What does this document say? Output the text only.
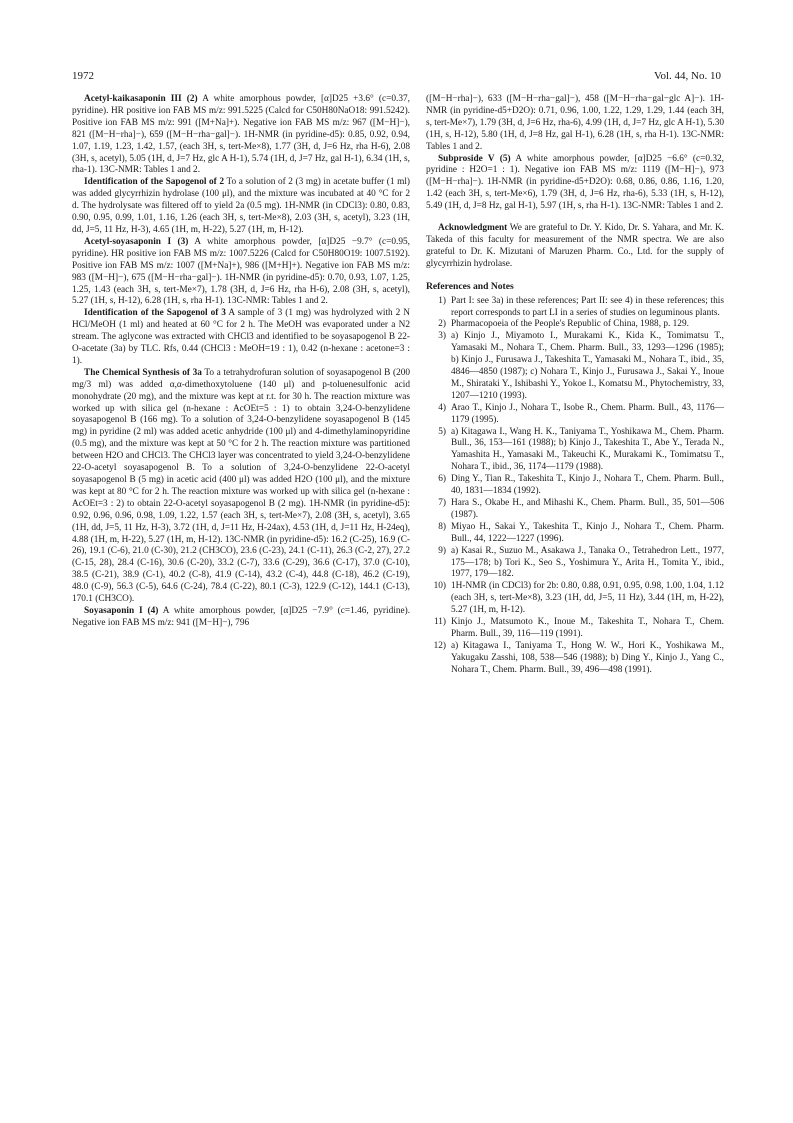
1972	Vol. 44, No. 10

Acetyl-kaikasaponin III (2) A white amorphous powder, [α]D25 +3.6° (c=0.37, pyridine). HR positive ion FAB MS m/z: 991.5225 (Calcd for C50H80NaO18: 991.5242). Positive ion FAB MS m/z: 991 ([M+Na]+). Negative ion FAB MS m/z: 967 ([M−H]−), 821 ([M−H−rha]−), 659 ([M−H−rha−gal]−). 1H-NMR (in pyridine-d5): 0.85, 0.92, 0.94, 1.07, 1.19, 1.23, 1.42, 1.57, (each 3H, s, tert-Me×8), 1.77 (3H, d, J=6 Hz, rha H-6), 2.08 (3H, s, acetyl), 5.05 (1H, d, J=7 Hz, glc A H-1), 5.74 (1H, d, J=7 Hz, gal H-1), 6.34 (1H, s, rha-1). 13C-NMR: Tables 1 and 2.

Identification of the Sapogenol of 2 To a solution of 2 (3 mg) in acetate buffer (1 ml) was added glycyrrhizin hydrolase (100 μl), and the mixture was incubated at 40 °C for 2 d. The hydrolysate was filtered off to yield 2a (0.5 mg). 1H-NMR (in CDCl3): 0.80, 0.83, 0.90, 0.95, 0.99, 1.01, 1.16, 1.26 (each 3H, s, tert-Me×8), 2.03 (3H, s, acetyl), 3.23 (1H, dd, J=5, 11 Hz, H-3), 4.65 (1H, m, H-22), 5.27 (1H, m, H-12).

Acetyl-soyasaponin I (3) A white amorphous powder, [α]D25 −9.7° (c=0.95, pyridine). HR positive ion FAB MS m/z: 1007.5226 (Calcd for C50H80O19: 1007.5192). Positive ion FAB MS m/z: 1007 ([M+Na]+), 986 ([M+H]+). Negative ion FAB MS m/z: 983 ([M−H]−), 675 ([M−H−rha−gal]−). 1H-NMR (in pyridine-d5): 0.70, 0.93, 1.07, 1.25, 1.25, 1.43 (each 3H, s, tert-Me×7), 1.78 (3H, d, J=6 Hz, rha H-6), 2.08 (3H, s, acetyl), 5.27 (1H, s, H-12), 6.28 (1H, s, rha H-1). 13C-NMR: Tables 1 and 2.

Identification of the Sapogenol of 3 A sample of 3 (1 mg) was hydrolyzed with 2 N HCl/MeOH (1 ml) and heated at 60 °C for 2 h. The MeOH was evaporated under a N2 stream. The aglycone was extracted with CHCl3 and identified to be soyasapogenol B 22-O-acetate (3a) by TLC. Rfs, 0.44 (CHCl3 : MeOH=19 : 1), 0.42 (n-hexane : acetone=3 : 1).

The Chemical Synthesis of 3a To a tetrahydrofuran solution of soyasapogenol B (200 mg/3 ml) was added α,α-dimethoxytoluene (140 μl) and p-toluenesulfonic acid monohydrate (20 mg), and the mixture was kept at r.t. for 30 h. The reaction mixture was worked up with silica gel (n-hexane : AcOEt=5 : 1) to obtain 3,24-O-benzylidene soyasapogenol B (166 mg). To a solution of 3,24-O-benzylidene soyasapogenol B (145 mg) in pyridine (2 ml) was added acetic anhydride (100 μl) and 4-dimethylaminopyridine (0.5 mg), and the mixture was kept at 50 °C for 2 h. The reaction mixture was partitioned between H2O and CHCl3. The CHCl3 layer was concentrated to yield 3,24-O-benzylidene 22-O-acetyl soyasapogenol B. To a solution of 3,24-O-benzylidene 22-O-acetyl soyasapogenol B (5 mg) in acetic acid (400 μl) was added H2O (100 μl), and the mixture was kept at 80 °C for 2 h. The reaction mixture was worked up with silica gel (n-hexane : AcOEt=3 : 2) to obtain 22-O-acetyl soyasapogenol B (2 mg). 1H-NMR (in pyridine-d5): 0.92, 0.96, 0.96, 0.98, 1.09, 1.22, 1.57 (each 3H, s, tert-Me×7), 2.08 (3H, s, acetyl), 3.65 (1H, dd, J=5, 11 Hz, H-3), 3.72 (1H, d, J=11 Hz, H-24ax), 4.53 (1H, d, J=11 Hz, H-24eq), 4.88 (1H, m, H-22), 5.27 (1H, m, H-12). 13C-NMR (in pyridine-d5): 16.2 (C-25), 16.9 (C-26), 19.1 (C-6), 21.0 (C-30), 21.2 (CH3CO), 23.6 (C-23), 24.1 (C-11), 26.3 (C-2, 27), 27.2 (C-15, 28), 28.4 (C-16), 30.6 (C-20), 33.2 (C-7), 33.6 (C-29), 36.6 (C-17), 37.0 (C-10), 38.5 (C-21), 38.9 (C-1), 40.2 (C-8), 41.9 (C-14), 43.2 (C-4), 44.8 (C-18), 46.2 (C-19), 48.0 (C-9), 56.3 (C-5), 64.6 (C-24), 78.4 (C-22), 80.1 (C-3), 122.9 (C-12), 144.1 (C-13), 170.1 (CH3CO).

Soyasaponin I (4) A white amorphous powder, [α]D25 −7.9° (c=1.46, pyridine). Negative ion FAB MS m/z: 941 ([M−H]−), 796

([M−H−rha]−), 633 ([M−H−rha−gal]−), 458 ([M−H−rha−gal−glc A]−). 1H-NMR (in pyridine-d5+D2O): 0.71, 0.96, 1.00, 1.22, 1.29, 1.29, 1.44 (each 3H, s, tert-Me×7), 1.79 (3H, d, J=6 Hz, rha-6), 4.99 (1H, d, J=7 Hz, glc A H-1), 5.30 (1H, s, H-12), 5.80 (1H, d, J=8 Hz, gal H-1), 6.28 (1H, s, rha H-1). 13C-NMR: Tables 1 and 2.

Subproside V (5) A white amorphous powder, [α]D25 −6.6° (c=0.32, pyridine : H2O=1 : 1). Negative ion FAB MS m/z: 1119 ([M−H]−), 973 ([M−H−rha]−). 1H-NMR (in pyridine-d5+D2O): 0.68, 0.86, 0.86, 1.16, 1.20, 1.42 (each 3H, s, tert-Me×6), 1.79 (3H, d, J=6 Hz, rha-6), 5.33 (1H, s, H-12), 5.49 (1H, d, J=8 Hz, gal H-1), 5.97 (1H, s, rha H-1). 13C-NMR: Tables 1 and 2.

Acknowledgment We are grateful to Dr. Y. Kido, Dr. S. Yahara, and Mr. K. Takeda of this faculty for measurement of the NMR spectra. We are also grateful to Dr. K. Mizutani of Maruzen Pharm. Co., Ltd. for the supply of glycyrrhizin hydrolase.

References and Notes
1) Part I: see 3a) in these references; Part II: see 4) in these references; this report corresponds to part LI in a series of studies on leguminous plants.
2) Pharmacopoeia of the People's Republic of China, 1988, p. 129.
3) a) Kinjo J., Miyamoto I., Murakami K., Kida K., Tomimatsu T., Yamasaki M., Nohara T., Chem. Pharm. Bull., 33, 1293—1296 (1985); b) Kinjo J., Furusawa J., Takeshita T., Yamasaki M., Nohara T., ibid., 35, 4846—4850 (1987); c) Nohara T., Kinjo J., Furusawa J., Sakai Y., Inoue M., Shirataki Y., Ishibashi Y., Yokoe I., Komatsu M., Phytochemistry, 33, 1207—1210 (1993).
4) Arao T., Kinjo J., Nohara T., Isobe R., Chem. Pharm. Bull., 43, 1176—1179 (1995).
5) a) Kitagawa I., Wang H. K., Taniyama T., Yoshikawa M., Chem. Pharm. Bull., 36, 153—161 (1988); b) Kinjo J., Takeshita T., Abe Y., Terada N., Yamashita H., Yamasaki M., Takeuchi K., Murakami K., Tomimatsu T., Nohara T., ibid., 36, 1174—1179 (1988).
6) Ding Y., Tian R., Takeshita T., Kinjo J., Nohara T., Chem. Pharm. Bull., 40, 1831—1834 (1992).
7) Hara S., Okabe H., and Mihashi K., Chem. Pharm. Bull., 35, 501—506 (1987).
8) Miyao H., Sakai Y., Takeshita T., Kinjo J., Nohara T., Chem. Pharm. Bull., 44, 1222—1227 (1996).
9) a) Kasai R., Suzuo M., Asakawa J., Tanaka O., Tetrahedron Lett., 1977, 175—178; b) Tori K., Seo S., Yoshimura Y., Arita H., Tomita Y., ibid., 1977, 179—182.
10) 1H-NMR (in CDCl3) for 2b: 0.80, 0.88, 0.91, 0.95, 0.98, 1.00, 1.04, 1.12 (each 3H, s, tert-Me×8), 3.23 (1H, dd, J=5, 11 Hz), 3.44 (1H, m, H-22), 5.27 (1H, m, H-12).
11) Kinjo J., Matsumoto K., Inoue M., Takeshita T., Nohara T., Chem. Pharm. Bull., 39, 116—119 (1991).
12) a) Kitagawa I., Taniyama T., Hong W. W., Hori K., Yoshikawa M., Yakugaku Zasshi, 108, 538—546 (1988); b) Ding Y., Kinjo J., Yang C., Nohara T., Chem. Pharm. Bull., 39, 496—498 (1991).
